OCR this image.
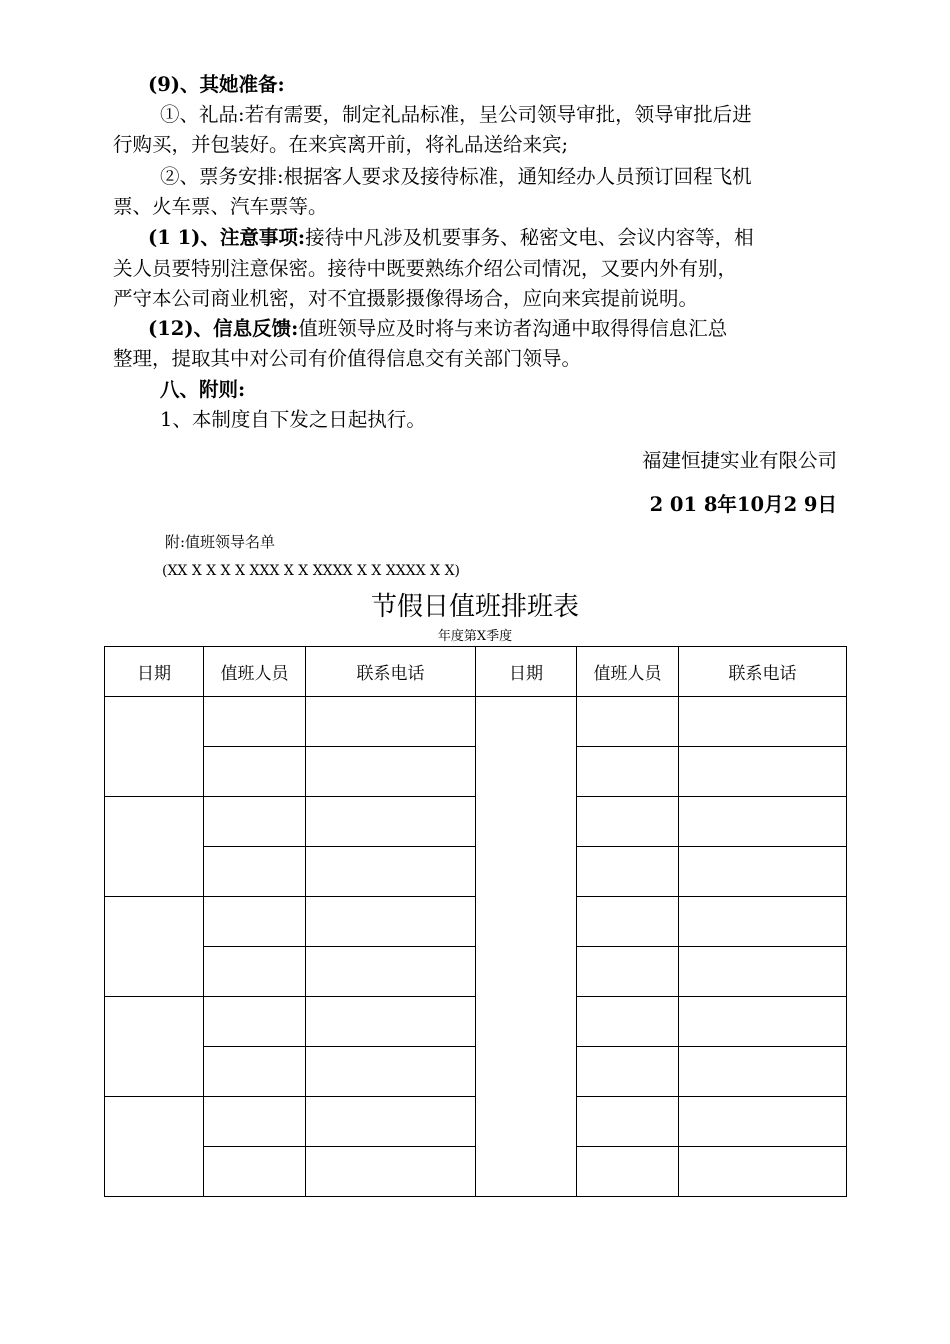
(9)、其她准备:
①、礼品:若有需要，制定礼品标准，呈公司领导审批，领导审批后进
行购买，并包装好。在来宾离开前，将礼品送给来宾;
②、票务安排:根据客人要求及接待标准，通知经办人员预订回程飞机
票、火车票、汽车票等。
(1 1)、注意事项:接待中凡涉及机要事务、秘密文电、会议内容等，相
关人员要特别注意保密。接待中既要熟练介绍公司情况，又要内外有别，
严守本公司商业机密，对不宜摄影摄像得场合，应向来宾提前说明。
(12)、信息反馈:值班领导应及时将与来访者沟通中取得得信息汇总
整理，提取其中对公司有价值得信息交有关部门领导。
八、附则:
1、本制度自下发之日起执行。
福建恒捷实业有限公司
2 01 8年10月2 9日
附:值班领导名单
(XX X X X X XXX X X XXXX X X XXXX X X)
节假日值班排班表
年度第X季度
日期	值班人员	联系电话	日期	值班人员	联系电话
